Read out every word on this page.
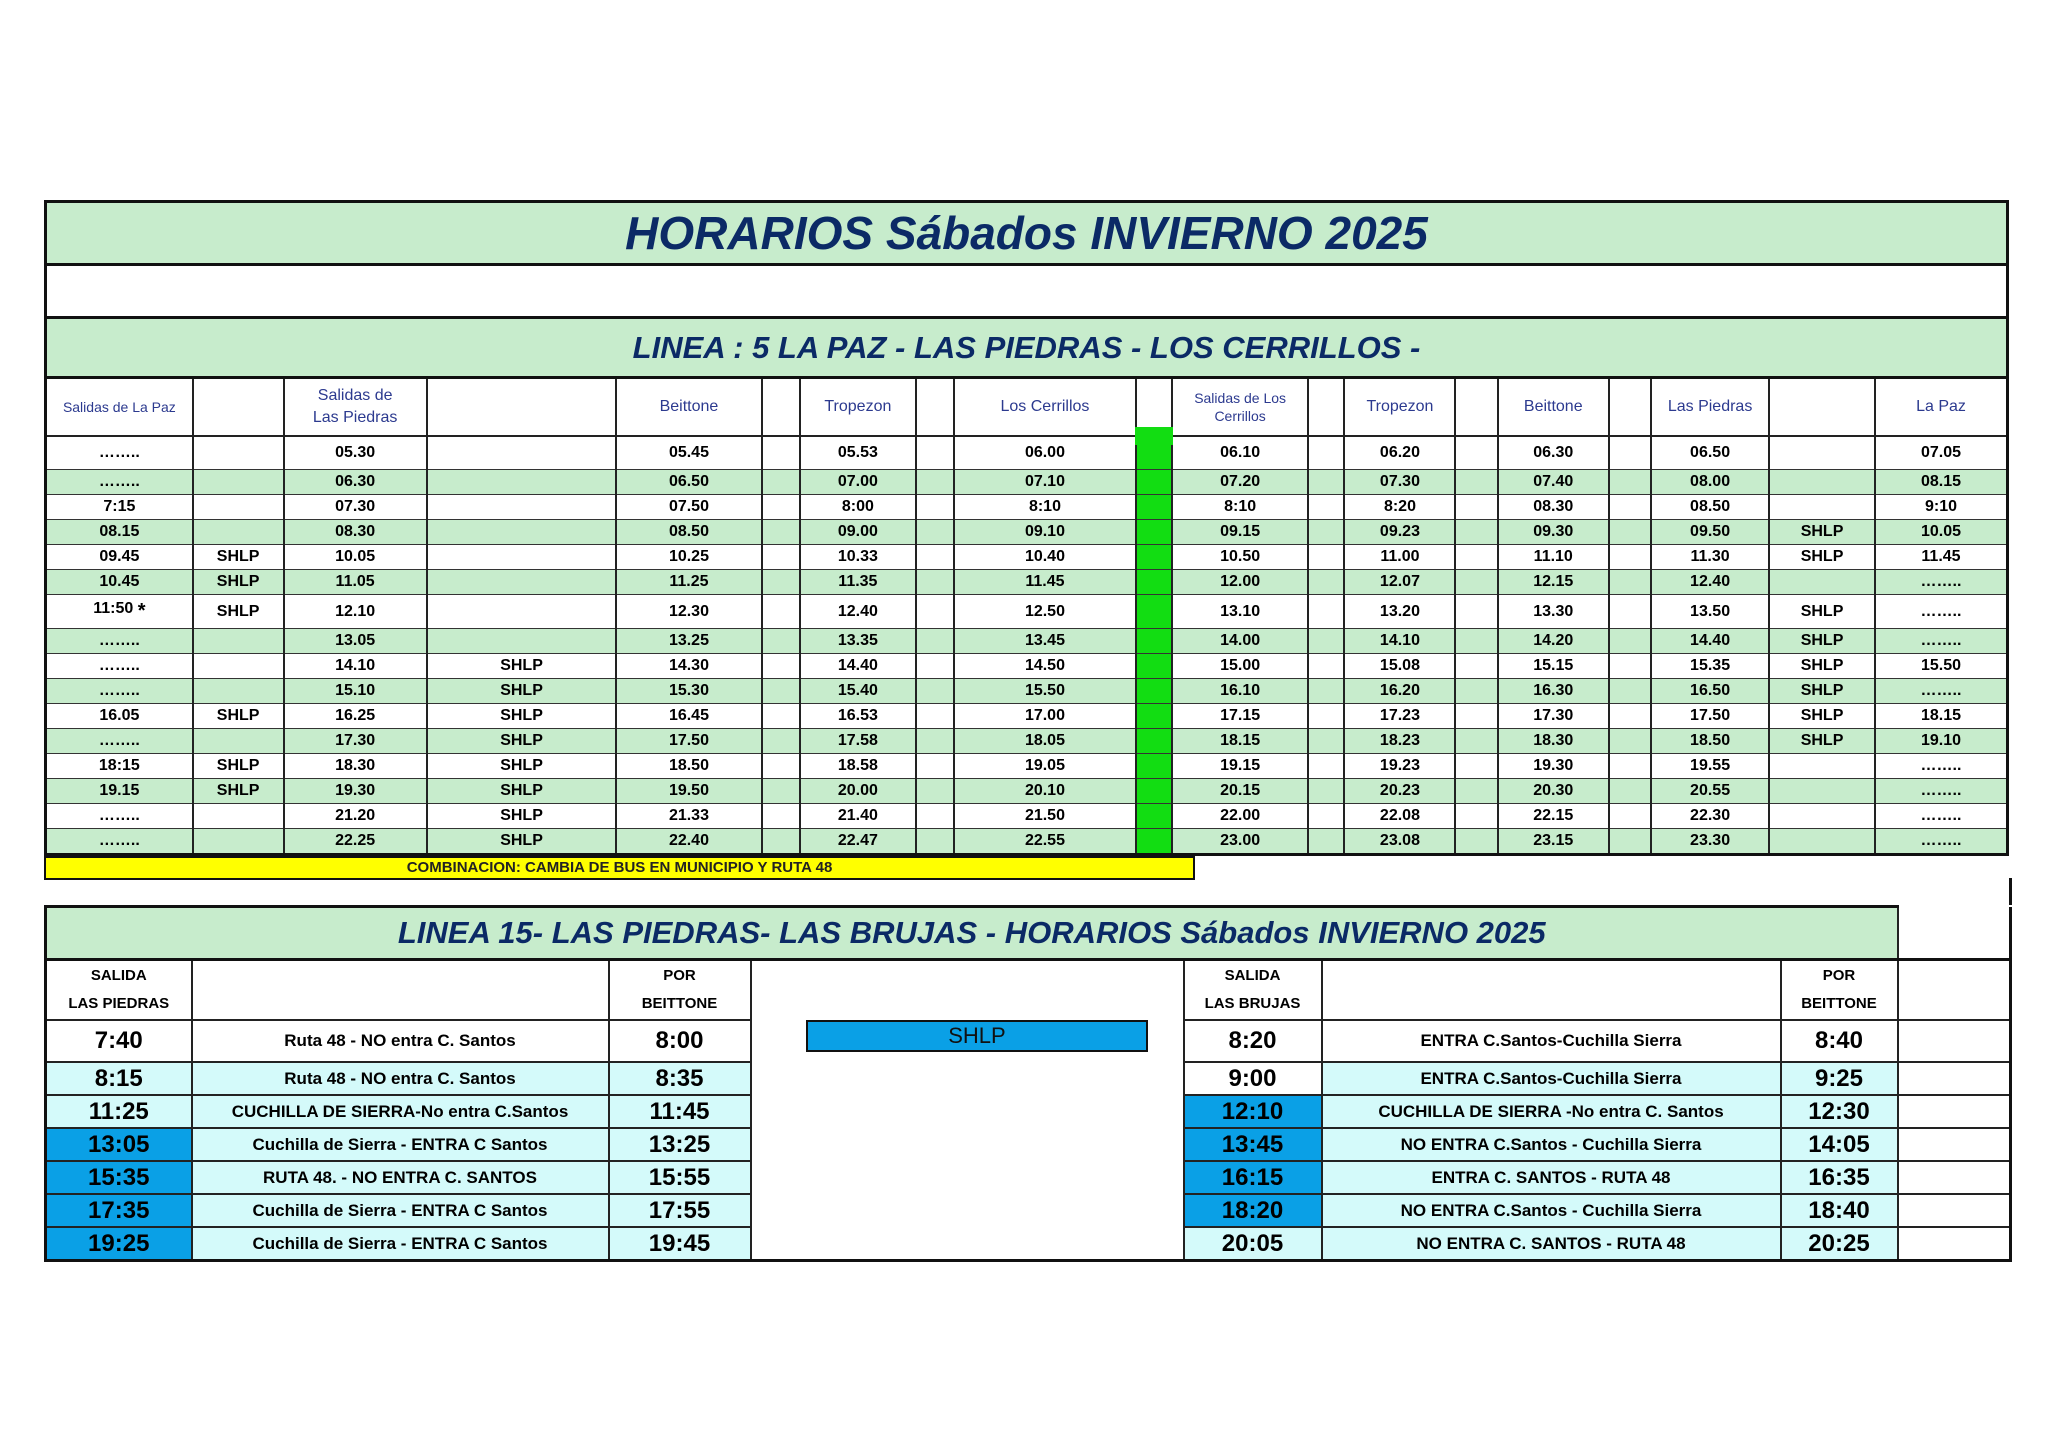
HORARIOS Sábados INVIERNO 2025																		

LINEA : 5 LA PAZ - LAS PIEDRAS - LOS CERRILLOS -																		
Salidas de La Paz		Salidas de
Las Piedras		Beittone		Tropezon		Los Cerrillos		Salidas de Los
Cerrillos		Tropezon		Beittone		Las Piedras		La Paz
……..		05.30		05.45		05.53		06.00		06.10		06.20		06.30		06.50		07.05
……..		06.30		06.50		07.00		07.10		07.20		07.30		07.40		08.00		08.15
7:15		07.30		07.50		8:00		8:10		8:10		8:20		08.30		08.50		9:10
08.15		08.30		08.50		09.00		09.10		09.15		09.23		09.30		09.50	SHLP	10.05
09.45	SHLP	10.05		10.25		10.33		10.40		10.50		11.00		11.10		11.30	SHLP	11.45
10.45	SHLP	11.05		11.25		11.35		11.45		12.00		12.07		12.15		12.40		……..
11:50 *	SHLP	12.10		12.30		12.40		12.50		13.10		13.20		13.30		13.50	SHLP	……..
……..		13.05		13.25		13.35		13.45		14.00		14.10		14.20		14.40	SHLP	……..
……..		14.10	SHLP	14.30		14.40		14.50		15.00		15.08		15.15		15.35	SHLP	15.50
……..		15.10	SHLP	15.30		15.40		15.50		16.10		16.20		16.30		16.50	SHLP	……..
16.05	SHLP	16.25	SHLP	16.45		16.53		17.00		17.15		17.23		17.30		17.50	SHLP	18.15
……..		17.30	SHLP	17.50		17.58		18.05		18.15		18.23		18.30		18.50	SHLP	19.10
18:15	SHLP	18.30	SHLP	18.50		18.58		19.05		19.15		19.23		19.30		19.55		……..
19.15	SHLP	19.30	SHLP	19.50		20.00		20.10		20.15		20.23		20.30		20.55		……..
……..		21.20	SHLP	21.33		21.40		21.50		22.00		22.08		22.15		22.30		……..
……..		22.25	SHLP	22.40		22.47		22.55		23.00		23.08		23.15		23.30		……..
COMBINACION: CAMBIA DE BUS EN MUNICIPIO Y RUTA 48
LINEA 15- LAS PIEDRAS- LAS BRUJAS - HORARIOS Sábados INVIERNO 2025							
SALIDA
LAS PIEDRAS		POR
BEITTONE		SALIDA
LAS BRUJAS		POR
BEITTONE	
7:40	Ruta 48 - NO entra C. Santos	8:00		8:20	ENTRA C.Santos-Cuchilla Sierra	8:40	
8:15	Ruta 48 - NO entra C. Santos	8:35		9:00	ENTRA C.Santos-Cuchilla Sierra	9:25	
11:25	CUCHILLA DE SIERRA-No entra C.Santos	11:45		12:10	CUCHILLA DE SIERRA -No entra C. Santos	12:30	
13:05	Cuchilla de Sierra - ENTRA C Santos	13:25		13:45	NO ENTRA C.Santos - Cuchilla Sierra	14:05	
15:35	RUTA 48. - NO ENTRA C. SANTOS	15:55		16:15	ENTRA C. SANTOS - RUTA 48	16:35	
17:35	Cuchilla de Sierra - ENTRA C Santos	17:55		18:20	NO ENTRA C.Santos - Cuchilla Sierra	18:40	
19:25	Cuchilla de Sierra - ENTRA C Santos	19:45		20:05	NO ENTRA C. SANTOS - RUTA 48	20:25	
SHLP
